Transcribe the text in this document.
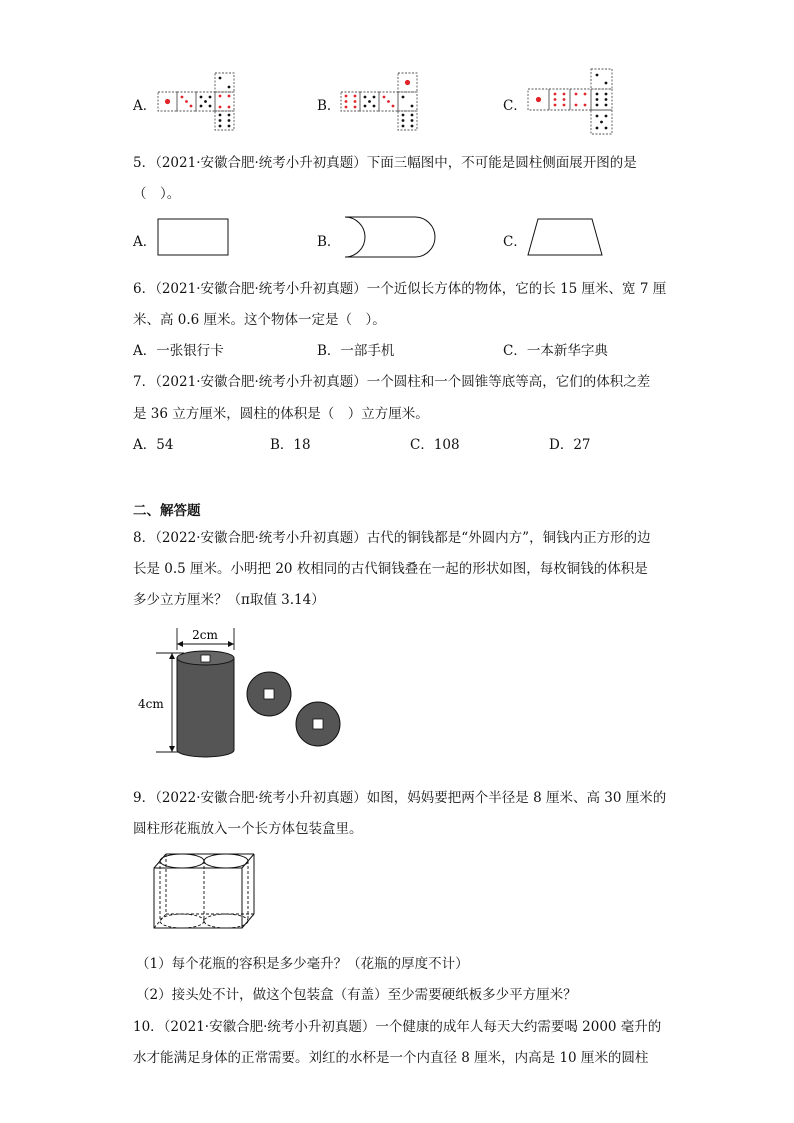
A．	B．	C．
5．（2021·安徽合肥·统考小升初真题）下面三幅图中，不可能是圆柱侧面展开图的是
（　）。
A．	B．	C．
6．（2021·安徽合肥·统考小升初真题）一个近似长方体的物体，它的长 15 厘米、宽 7 厘
米、高 0.6 厘米。这个物体一定是（　）。
A．一张银行卡	B．一部手机	C．一本新华字典
7．（2021·安徽合肥·统考小升初真题）一个圆柱和一个圆锥等底等高，它们的体积之差
是 36 立方厘米，圆柱的体积是（　）立方厘米。
A．54	B．18	C．108	D．27
二、解答题
8．（2022·安徽合肥·统考小升初真题）古代的铜钱都是“外圆内方”，铜钱内正方形的边
长是 0.5 厘米。小明把 20 枚相同的古代铜钱叠在一起的形状如图，每枚铜钱的体积是
多少立方厘米？（π取值 3.14）
2cm
4cm
9．（2022·安徽合肥·统考小升初真题）如图，妈妈要把两个半径是 8 厘米、高 30 厘米的
圆柱形花瓶放入一个长方体包装盒里。
（1）每个花瓶的容积是多少毫升？（花瓶的厚度不计）
（2）接头处不计，做这个包装盒（有盖）至少需要硬纸板多少平方厘米？
10．（2021·安徽合肥·统考小升初真题）一个健康的成年人每天大约需要喝 2000 毫升的
水才能满足身体的正常需要。刘红的水杯是一个内直径 8 厘米，内高是 10 厘米的圆柱
